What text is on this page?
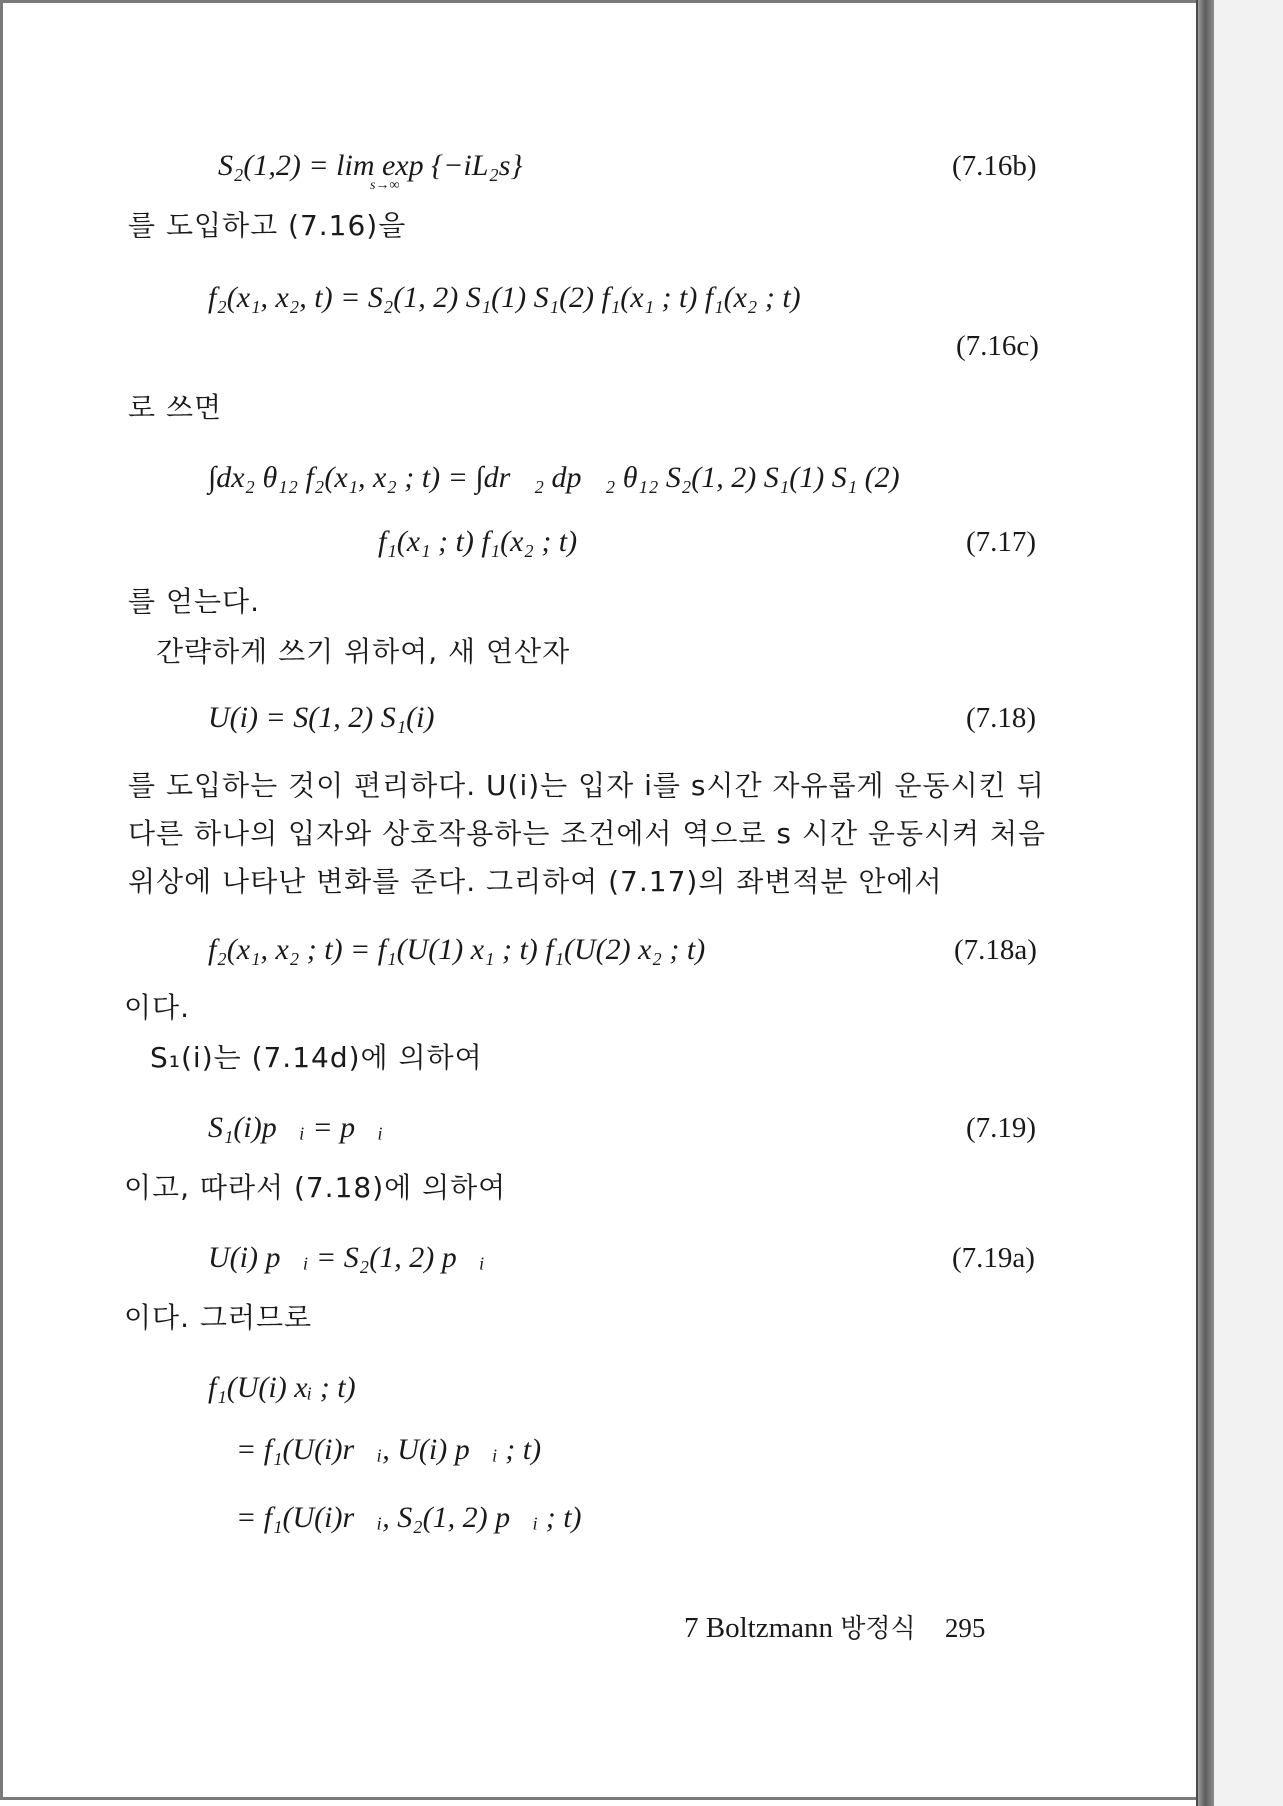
S₂(1,2) = lim exp {−iL₂s}
s→∞
(7.16b)
를 도입하고 (7.16)을
f₂(x₁, x₂, t) = S₂(1, 2) S₁(1) S₁(2) f₁(x₁ ; t) f₁(x₂ ; t)
(7.16c)
로 쓰면
∫dx₂ θ₁₂ f₂(x₁, x₂ ; t) = ∫dr⃗₂ dp⃗₂ θ₁₂ S₂(1, 2) S₁(1) S₁ (2)
f₁(x₁ ; t) f₁(x₂ ; t)	(7.17)
를 얻는다.
간략하게 쓰기 위하여, 새 연산자
U(i) = S(1, 2) S₁(i)	(7.18)
를 도입하는 것이 편리하다. U(i)는 입자 i를 s시간 자유롭게 운동시킨 뒤
다른 하나의 입자와 상호작용하는 조건에서 역으로 s 시간 운동시켜 처음
위상에 나타난 변화를 준다. 그리하여 (7.17)의 좌변적분 안에서
f₂(x₁, x₂ ; t) = f₁(U(1) x₁ ; t) f₁(U(2) x₂ ; t)	(7.18a)
이다.
S₁(i)는 (7.14d)에 의하여
S₁(i)p⃗ᵢ = p⃗ᵢ	(7.19)
이고, 따라서 (7.18)에 의하여
U(i) p⃗ᵢ = S₂(1, 2) p⃗ᵢ	(7.19a)
이다. 그러므로
f₁(U(i) xᵢ ; t)
= f₁(U(i)r⃗ᵢ, U(i) p⃗ᵢ ; t)
= f₁(U(i)r⃗ᵢ, S₂(1, 2) p⃗ᵢ ; t)
7 Boltzmann 방정식 295
